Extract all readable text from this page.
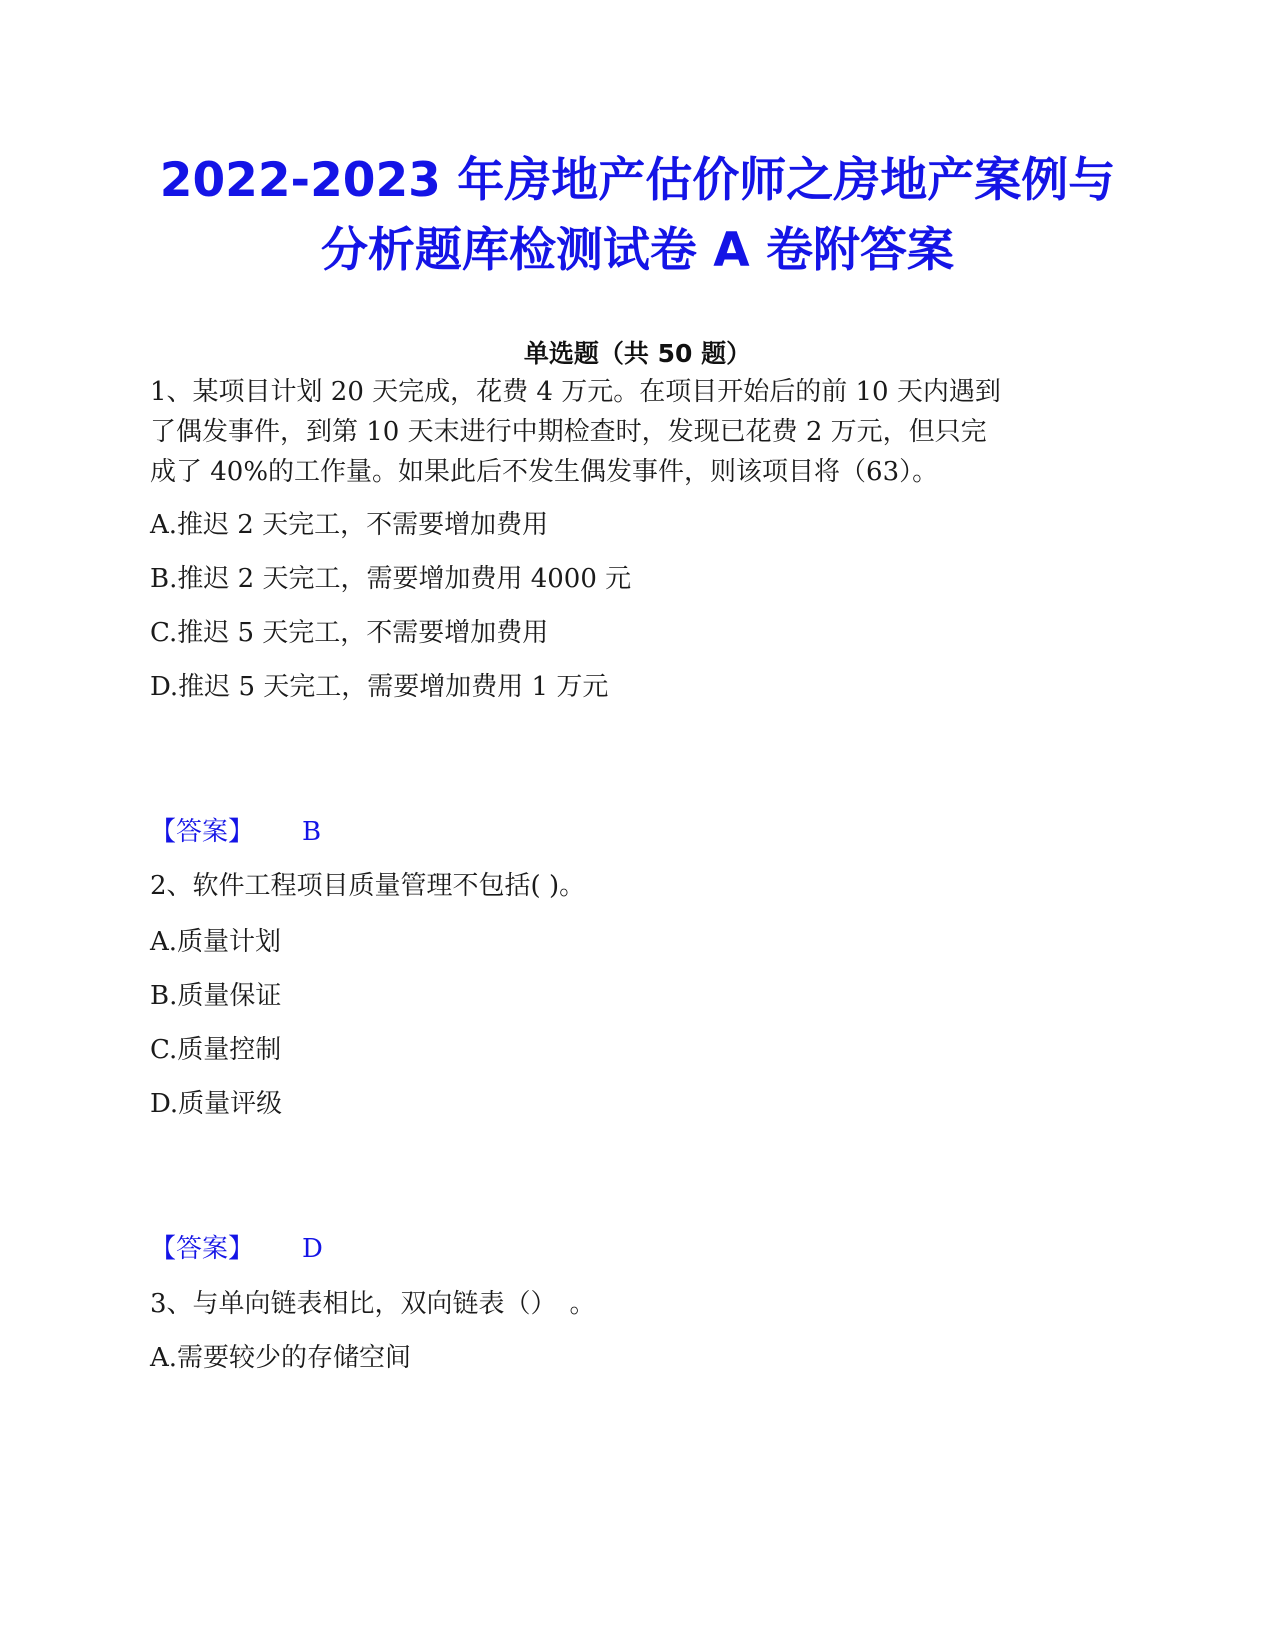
2022-2023 年房地产估价师之房地产案例与
分析题库检测试卷 A 卷附答案
单选题（共 50 题）
1、某项目计划 20 天完成，花费 4 万元。在项目开始后的前 10 天内遇到
了偶发事件，到第 10 天末进行中期检查时，发现已花费 2 万元，但只完
成了 40%的工作量。如果此后不发生偶发事件，则该项目将（63）。
A.推迟 2 天完工，不需要增加费用
B.推迟 2 天完工，需要增加费用 4000 元
C.推迟 5 天完工，不需要增加费用
D.推迟 5 天完工，需要增加费用 1 万元
【答案】 B
2、软件工程项目质量管理不包括( )。
A.质量计划
B.质量保证
C.质量控制
D.质量评级
【答案】 D
3、与单向链表相比，双向链表（）　。
A.需要较少的存储空间
